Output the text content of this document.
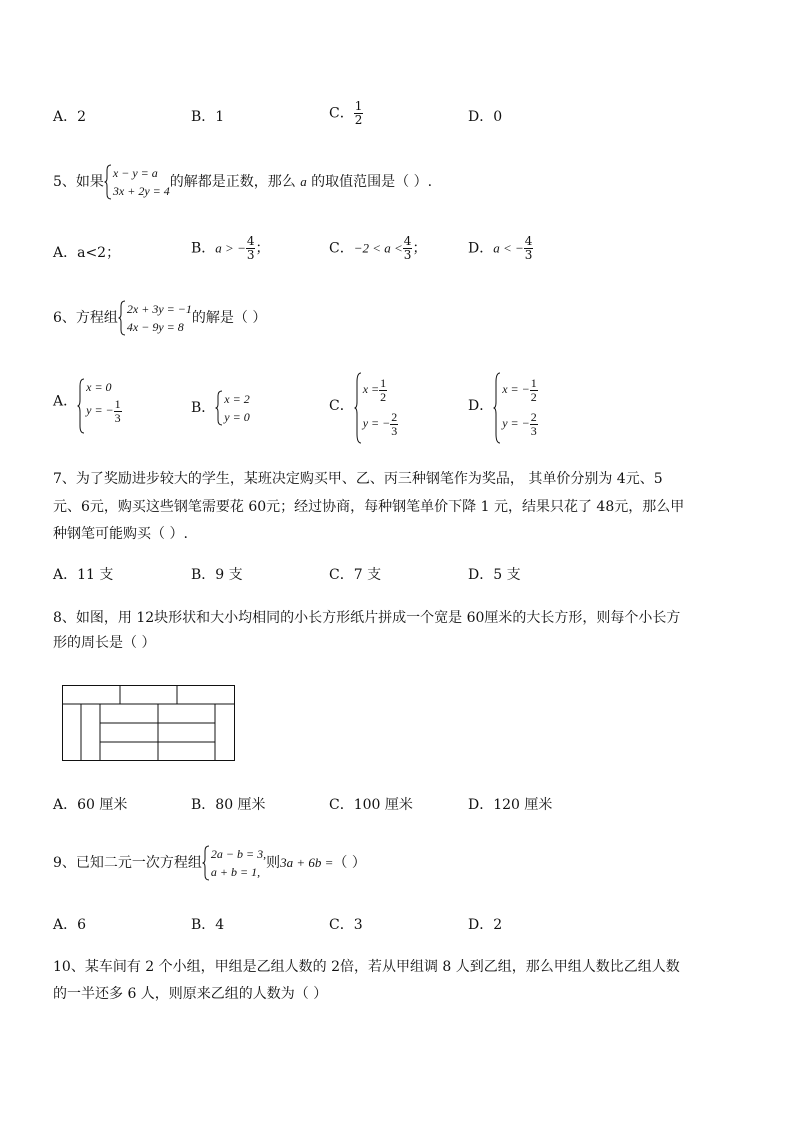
A．2	B．1	C． $\frac{1}{2}$	D．0
5、如果
x − y = a
3x + 2y = 4
的解都是正数，那么 a 的取值范围是（ ）.
A．a<2；	B．a > − $\frac{4}{3}$ ；	C．$-2 < a < \frac{4}{3}$ ；	D．a < − $\frac{4}{3}$
6、方程组
2x + 3y = −1
4x − 9y = 8
的解是（ ）
A．
x = 0
y = − $\frac{1}{3}$	B．
x = 2
y = 0
C．
$x = \frac{1}{2}$
y = − $\frac{2}{3}$
D．
x = − $\frac{1}{2}$
y = − $\frac{2}{3}$
7、为了奖励进步较大的学生，某班决定购买甲、乙、丙三种钢笔作为奖品， 其单价分别为 4元、5
元、6元，购买这些钢笔需要花 60元；经过协商，每种钢笔单价下降 1 元，结果只花了 48元，那么甲
种钢笔可能购买（ ）.
A．11 支	B．9 支	C．7 支	D．5 支
8、如图，用 12块形状和大小均相同的小长方形纸片拼成一个宽是 60厘米的大长方形，则每个小长方
形的周长是（ ）
A．60 厘米	B．80 厘米	C．100 厘米	D．120 厘米
9、已知二元一次方程组
2a − b = 3,
a + b = 1,
则3a + 6b =（ ）
A．6	B．4	C．3	D．2
10、某车间有 2 个小组，甲组是乙组人数的 2倍，若从甲组调 8 人到乙组，那么甲组人数比乙组人数
的一半还多 6 人，则原来乙组的人数为（ ）
